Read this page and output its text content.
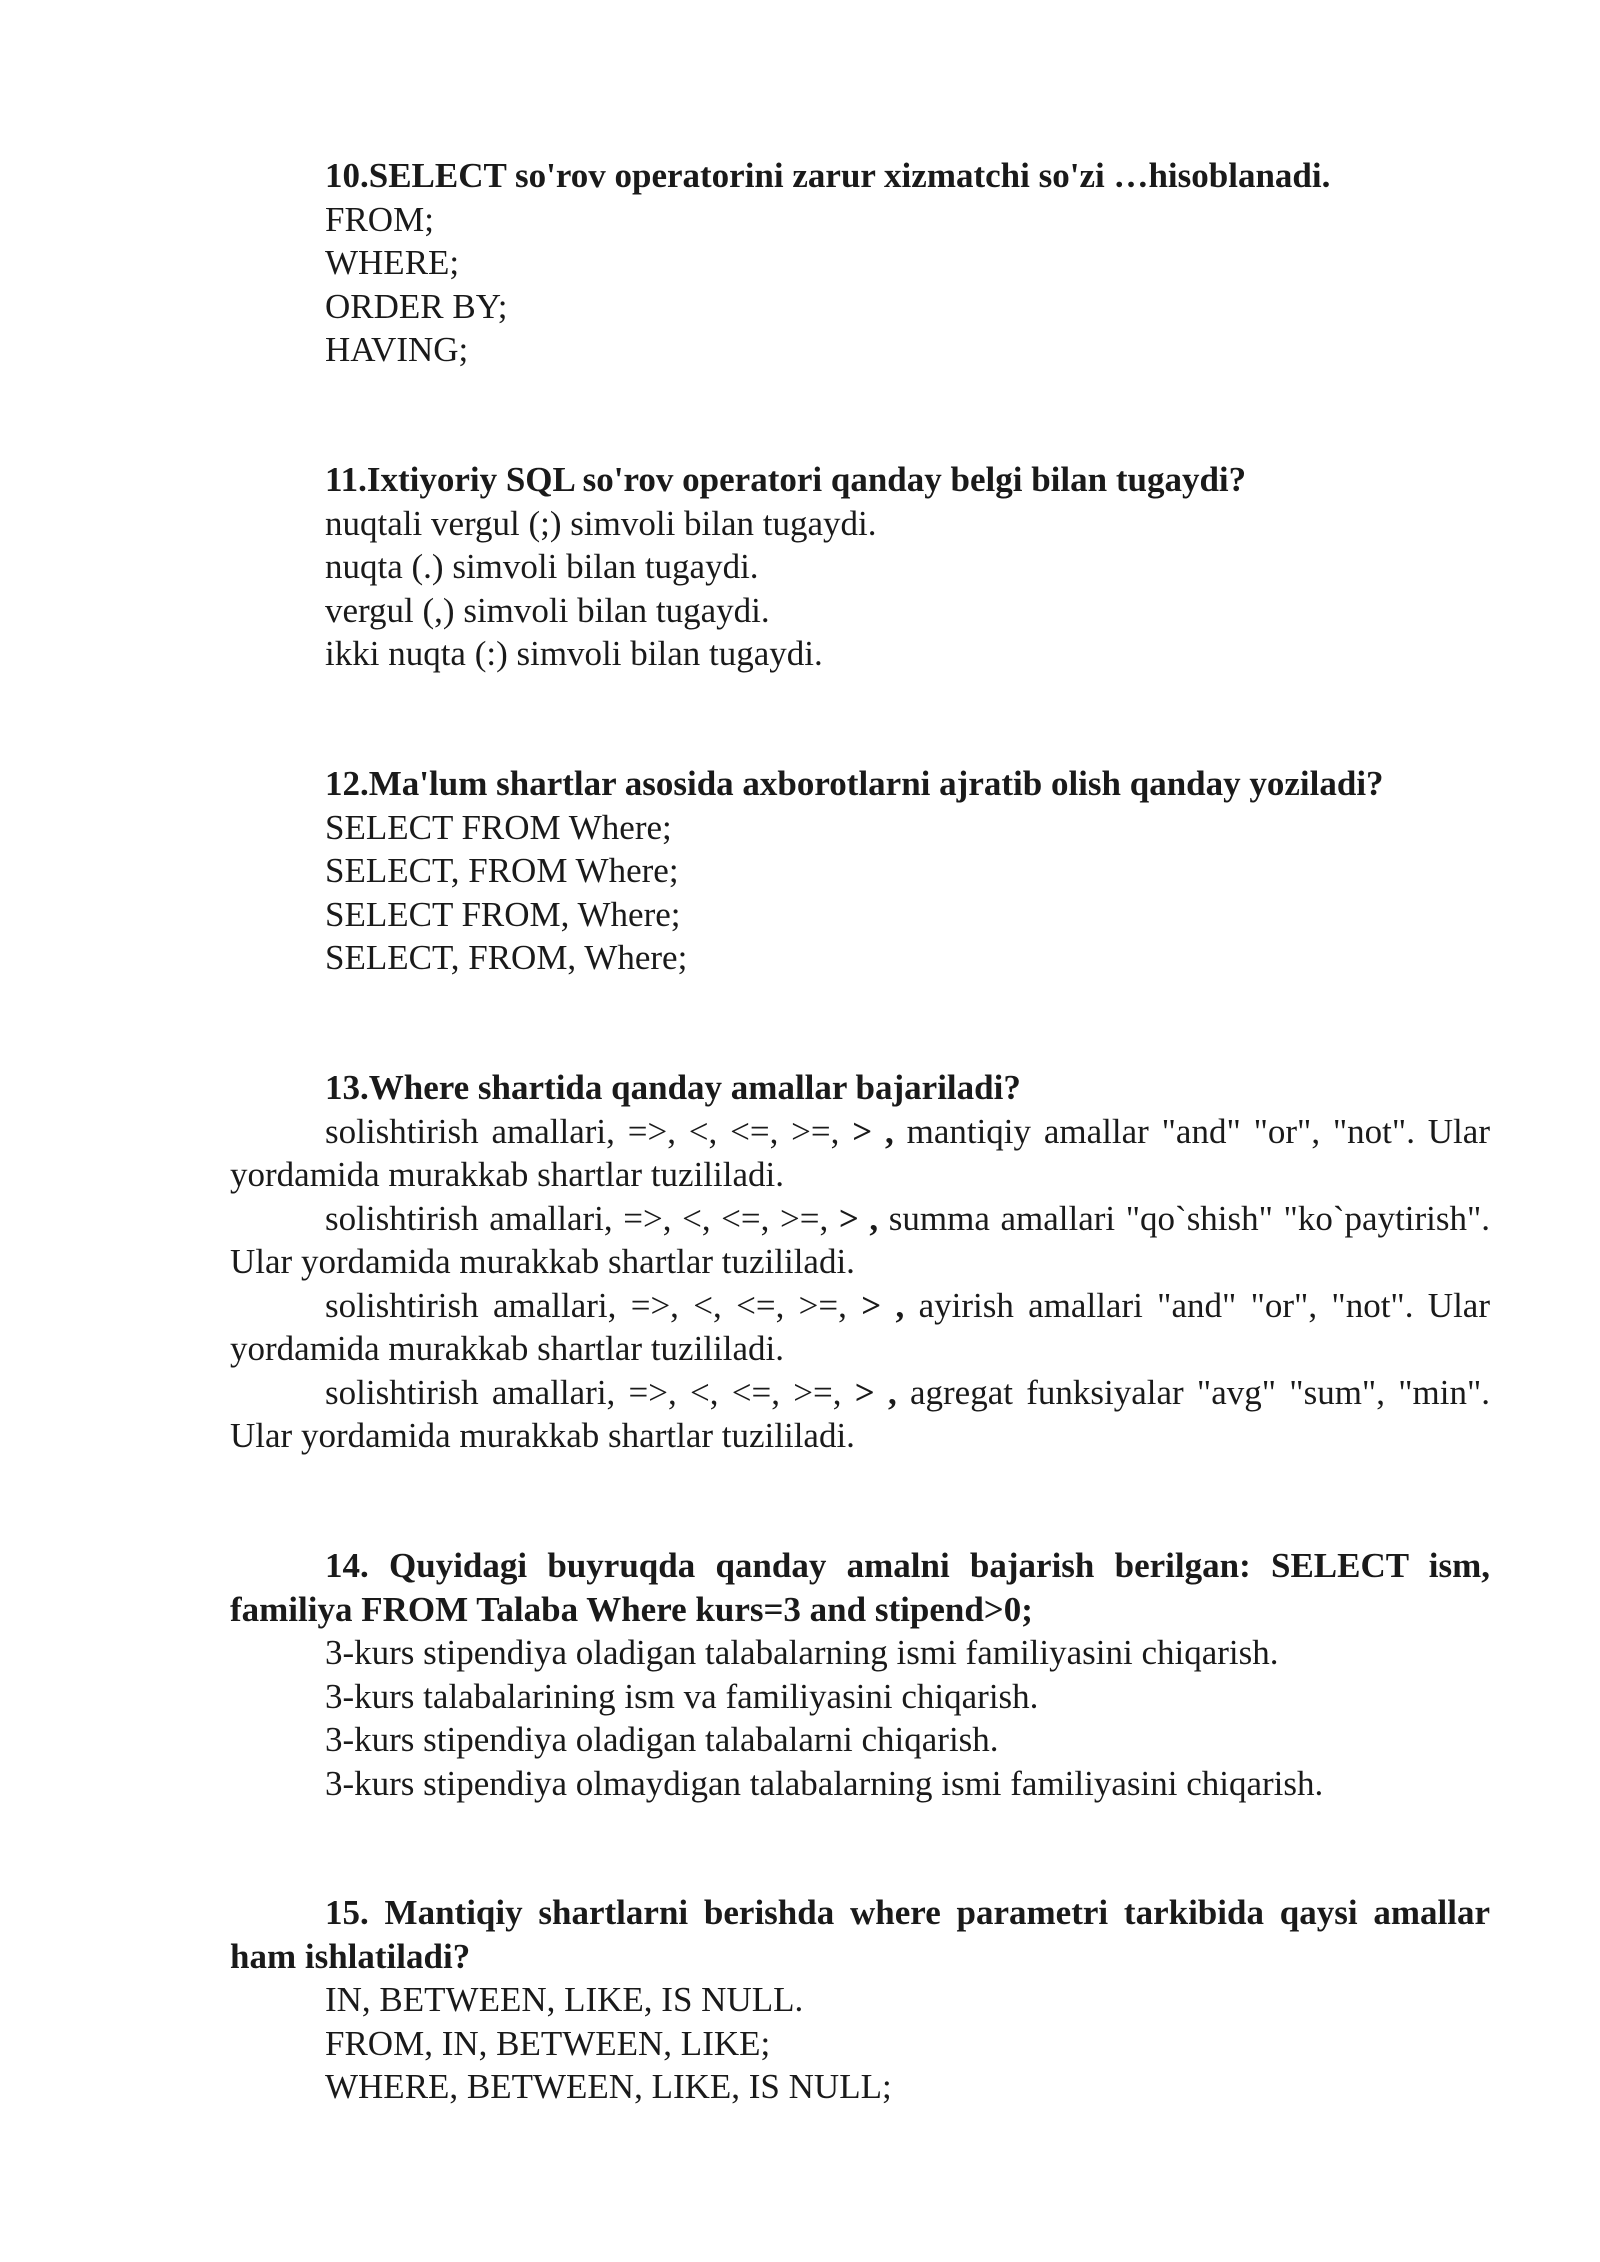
10.SELECT so'rov operatorini zarur xizmatchi so'zi …hisoblanadi.

FROM;

WHERE;

ORDER BY;

HAVING;

11.Ixtiyoriy SQL so'rov operatori qanday belgi bilan tugaydi?

nuqtali vergul (;) simvoli bilan tugaydi.

nuqta (.) simvoli bilan tugaydi.

vergul (,) simvoli bilan tugaydi.

ikki nuqta (:) simvoli bilan tugaydi.

12.Ma'lum shartlar asosida axborotlarni ajratib olish qanday yoziladi?

SELECT FROM Where;

SELECT, FROM Where;

SELECT FROM, Where;

SELECT, FROM, Where;

13.Where shartida qanday amallar bajariladi?

solishtirish amallari, =>, <, <=, >=, > , mantiqiy amallar "and" "or", "not". Ular yordamida murakkab shartlar tuzililadi.

solishtirish amallari, =>, <, <=, >=, > , summa amallari "qo`shish" "ko`paytirish". Ular yordamida murakkab shartlar tuzililadi.

solishtirish amallari, =>, <, <=, >=, > , ayirish amallari "and" "or", "not". Ular yordamida murakkab shartlar tuzililadi.

solishtirish amallari, =>, <, <=, >=, > , agregat funksiyalar "avg" "sum", "min". Ular yordamida murakkab shartlar tuzililadi.

14. Quyidagi buyruqda qanday amalni bajarish berilgan: SELECT ism, familiya FROM Talaba Where kurs=3 and stipend>0;

3-kurs stipendiya oladigan talabalarning ismi familiyasini chiqarish.

3-kurs talabalarining ism va familiyasini chiqarish.

3-kurs stipendiya oladigan talabalarni chiqarish.

3-kurs stipendiya olmaydigan talabalarning ismi familiyasini chiqarish.

15. Mantiqiy shartlarni berishda where parametri tarkibida qaysi amallar ham ishlatiladi?

IN, BETWEEN, LIKE, IS NULL.

FROM, IN, BETWEEN, LIKE;

WHERE, BETWEEN, LIKE, IS NULL;
